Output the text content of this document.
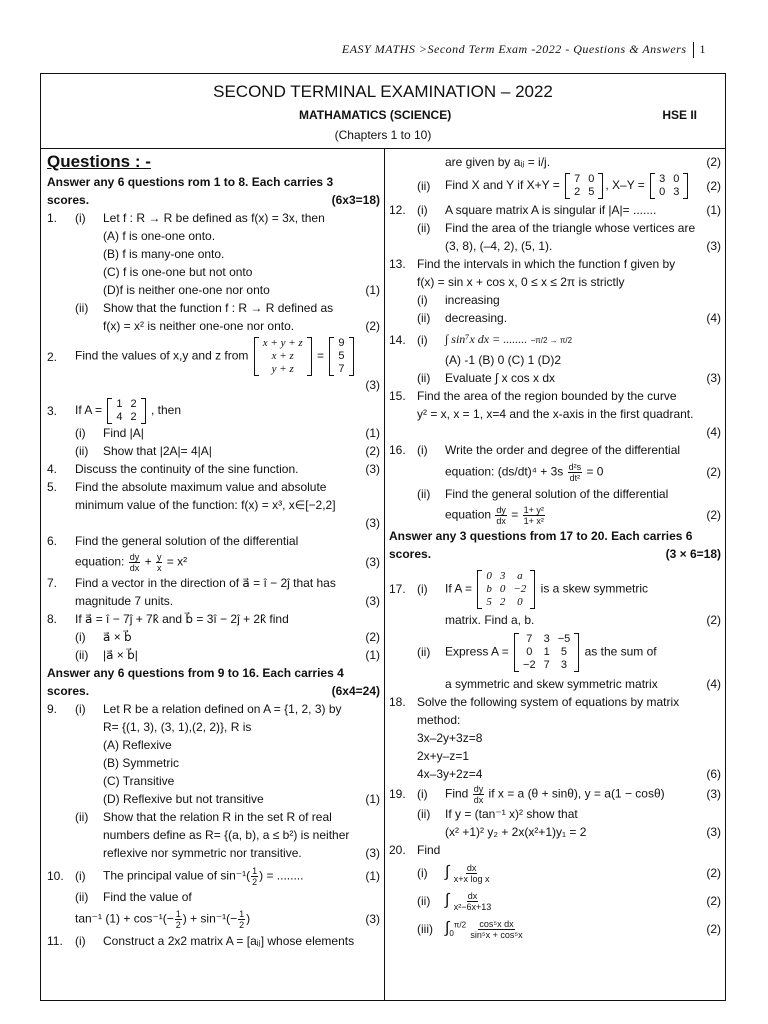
EASY MATHS >Second Term Exam -2022 - Questions & Answers 1
SECOND TERMINAL EXAMINATION – 2022
MATHAMATICS (SCIENCE)	HSE II
(Chapters 1 to 10)
Questions : -
Answer any 6 questions rom 1 to 8. Each carries 3
scores.	(6x3=18)
1.	(i)	Let f : R → R be defined as f(x) = 3x, then
(A) f is one-one onto.
(B) f is many-one onto.
(C) f is one-one but not onto
(D)f is neither one-one nor onto	(1)
(ii)	Show that the function f : R → R defined as
f(x) = x² is neither one-one nor onto.	(2)
2.	Find the values of x,y and z from
x + y + z
x + z
y + z
=
9
5
7
(3)
3.	If A = 1	2
4	2 , then
(i)	Find |A|	(1)
(ii)	Show that |2A|= 4|A|	(2)
4.	Discuss the continuity of the sine function.	(3)
5.	Find the absolute maximum value and absolute
minimum value of the function: f(x) = x³, x∈[−2,2]
(3)
6.	Find the general solution of the differential
equation: $\frac{dy}{dx} + \frac{y}{x} = x^2$	(3)
7.	Find a vector in the direction of a⃗ = î − 2ĵ that has
magnitude 7 units.	(3)
8.	If a⃗ = î − 7ĵ + 7k̂ and b⃗ = 3î − 2ĵ + 2k̂ find
(i)	a⃗ × b⃗	(2)
(ii)	|a⃗ × b⃗|	(1)
Answer any 6 questions from 9 to 16. Each carries 4
scores.	(6x4=24)
9.	(i)	Let R be a relation defined on A = {1, 2, 3) by
R= {(1, 3), (3, 1),(2, 2)}, R is
(A) Reflexive
(B) Symmetric
(C) Transitive
(D) Reflexive but not transitive	(1)
(ii)	Show that the relation R in the set R of real
numbers define as R= {(a, b), a ≤ b²) is neither
reflexive nor symmetric nor transitive.	(3)
10. (i)	The principal value of $\sin^{-1}( \frac{1}{2}$ ) = ........	(1)
(ii)	Find the value of
tan⁻¹ $(1) + \cos^{-1}(- \frac{1}{2}$ ) + $\sin^{-1}(- \frac{1}{2}$ )	(3)
11.	(i)	Construct a 2x2 matrix A = [aᵢⱼ] whose elements
are given by aᵢⱼ = i/j.	(2)
(ii)	Find X and Y if X+Y = 7	0
2	5 , X–Y = 3	0
0	3	(2)
12. (i)	A square matrix A is singular if |A|= .......	(1)
(ii)	Find the area of the triangle whose vertices are
(3, 8), (–4, 2), (5, 1).	(3)
13. Find the intervals in which the function f given by
f(x) = sin x + cos x, 0 ≤ x ≤ 2π is strictly
(i)	increasing
(ii)	decreasing.	(4)
14. (i)	∫ sin⁷x dx = ........ −π/2 → π/2
(A) -1 (B) 0 (C) 1 (D)2
(ii)	Evaluate ∫ x cos x dx	(3)
15. Find the area of the region bounded by the curve
y² = x, x = 1, x=4 and the x-axis in the first quadrant.
(4)
16. (i)	Write the order and degree of the differential
equation: $(ds/dt)^4 + 3s \frac{\text{d²s}}{\text{dt²}} = 0$	(2)
(ii)	Find the general solution of the differential
equation $\frac{dy}{dx} = \frac{\text{1+ y²}}{\text{1+ x²}}$	(2)
Answer any 3 questions from 17 to 20. Each carries 6
scores.	(3 × 6=18)
17. (i)	If A =
0	3	a
b	0	−2
5	2	0
is a skew symmetric
matrix. Find a, b.	(2)
(ii)	Express A =
7	3	−5
0	1	5
−2	7	3
as the sum of
a symmetric and skew symmetric matrix	(4)
18. Solve the following system of equations by matrix
method:
3x–2y+3z=8
2x+y–z=1
4x–3y+2z=4	(6)
19. (i)	Find $\frac{dy}{dx}$ if x = a (θ + sinθ), y = a(1 − cosθ)	(3)
(ii)	If y = (tan⁻¹ x)² show that
(x² +1)² y₂ + 2x(x²+1)y₁ = 2	(3)
20. Find
(i)	∫ $\frac{dx}{\text{x+x log x}}$	(2)
(ii) ∫ $\frac{dx}{\text{x²−6x+13}}$	(2)
(iii) $\int_0^{\pi/2} \frac{\text{cos⁵x dx}}{\text{sin⁵x + cos⁵x}}$	(2)
